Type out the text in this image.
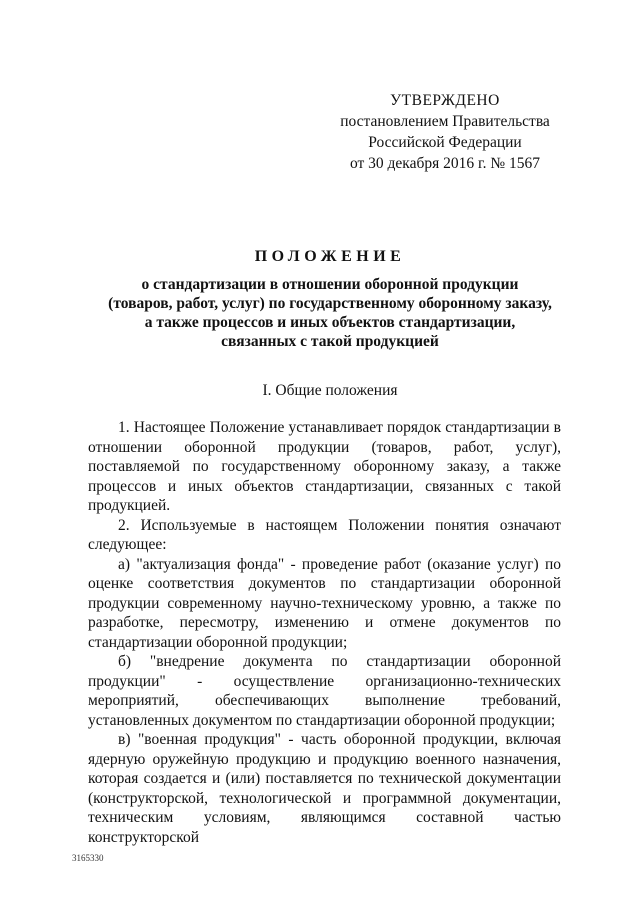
УТВЕРЖДЕНО
постановлением Правительства
Российской Федерации
от 30 декабря 2016 г. № 1567
ПОЛОЖЕНИЕ
о стандартизации в отношении оборонной продукции
(товаров, работ, услуг) по государственному оборонному заказу,
а также процессов и иных объектов стандартизации,
связанных с такой продукцией
I. Общие положения

1. Настоящее Положение устанавливает порядок стандартизации в отношении оборонной продукции (товаров, работ, услуг), поставляемой по государственному оборонному заказу, а также процессов и иных объектов стандартизации, связанных с такой продукцией.

2. Используемые в настоящем Положении понятия означают следующее:

а) "актуализация фонда" - проведение работ (оказание услуг) по оценке соответствия документов по стандартизации оборонной продукции современному научно-техническому уровню, а также по разработке, пересмотру, изменению и отмене документов по стандартизации оборонной продукции;

б) "внедрение документа по стандартизации оборонной продукции" - осуществление организационно-технических мероприятий, обеспечивающих выполнение требований, установленных документом по стандартизации оборонной продукции;

в) "военная продукция" - часть оборонной продукции, включая ядерную оружейную продукцию и продукцию военного назначения, которая создается и (или) поставляется по технической документации (конструкторской, технологической и программной документации, техническим условиям, являющимся составной частью конструкторской

3165330
